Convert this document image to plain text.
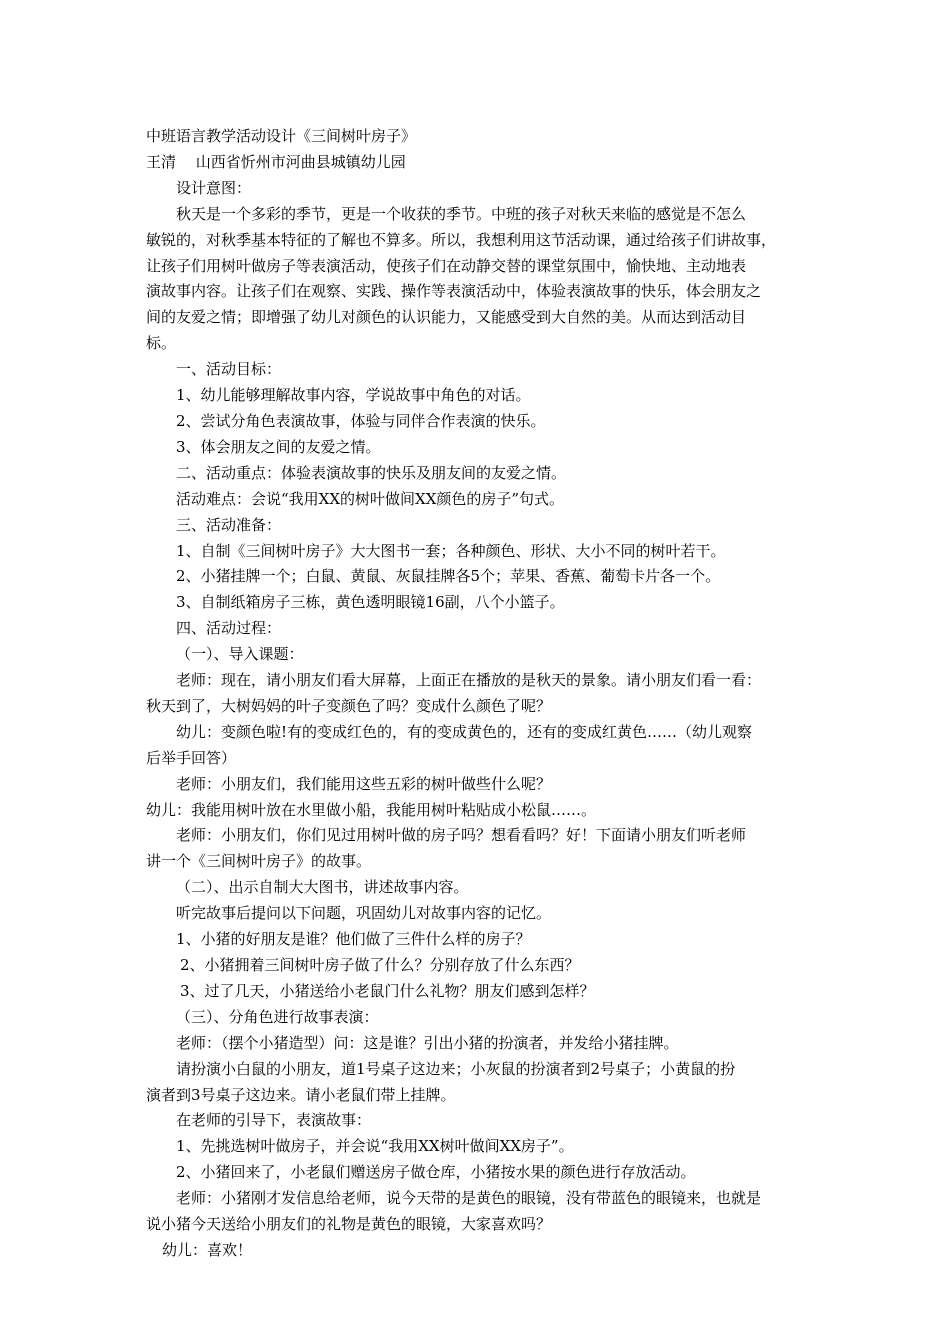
中班语言教学活动设计《三间树叶房子》
王清　 山西省忻州市河曲县城镇幼儿园
设计意图：
秋天是一个多彩的季节，更是一个收获的季节。中班的孩子对秋天来临的感觉是不怎么
敏锐的，对秋季基本特征的了解也不算多。所以，我想利用这节活动课，通过给孩子们讲故事，
让孩子们用树叶做房子等表演活动，使孩子们在动静交替的课堂氛围中，愉快地、主动地表
演故事内容。让孩子们在观察、实践、操作等表演活动中，体验表演故事的快乐，体会朋友之
间的友爱之情；即增强了幼儿对颜色的认识能力，又能感受到大自然的美。从而达到活动目
标。
一、活动目标：
1、幼儿能够理解故事内容，学说故事中角色的对话。
2、尝试分角色表演故事，体验与同伴合作表演的快乐。
3、体会朋友之间的友爱之情。
二、活动重点：体验表演故事的快乐及朋友间的友爱之情。
活动难点：会说“我用XX的树叶做间XX颜色的房子”句式。
三、活动准备：
1、自制《三间树叶房子》大大图书一套；各种颜色、形状、大小不同的树叶若干。
2、小猪挂牌一个；白鼠、黄鼠、灰鼠挂牌各5个；苹果、香蕉、葡萄卡片各一个。
3、自制纸箱房子三栋，黄色透明眼镜16副，八个小篮子。
四、活动过程：
（一）、导入课题：
老师：现在，请小朋友们看大屏幕，上面正在播放的是秋天的景象。请小朋友们看一看：
秋天到了，大树妈妈的叶子变颜色了吗？变成什么颜色了呢？
幼儿：变颜色啦!有的变成红色的，有的变成黄色的，还有的变成红黄色……（幼儿观察
后举手回答）
老师：小朋友们，我们能用这些五彩的树叶做些什么呢？
幼儿：我能用树叶放在水里做小船，我能用树叶粘贴成小松鼠……。
老师：小朋友们，你们见过用树叶做的房子吗？想看看吗？好！下面请小朋友们听老师
讲一个《三间树叶房子》的故事。
（二）、出示自制大大图书，讲述故事内容。
听完故事后提问以下问题，巩固幼儿对故事内容的记忆。
1、小猪的好朋友是谁？他们做了三件什么样的房子？
2、小猪拥着三间树叶房子做了什么？分别存放了什么东西？
3、过了几天，小猪送给小老鼠门什么礼物？朋友们感到怎样？
（三）、分角色进行故事表演：
老师：（摆个小猪造型）问：这是谁？引出小猪的扮演者，并发给小猪挂牌。
请扮演小白鼠的小朋友，道1号桌子这边来；小灰鼠的扮演者到2号桌子；小黄鼠的扮
演者到3号桌子这边来。请小老鼠们带上挂牌。
在老师的引导下，表演故事：
1、先挑选树叶做房子，并会说“我用XX树叶做间XX房子”。
2、小猪回来了，小老鼠们赠送房子做仓库，小猪按水果的颜色进行存放活动。
老师：小猪刚才发信息给老师，说今天带的是黄色的眼镜，没有带蓝色的眼镜来，也就是
说小猪今天送给小朋友们的礼物是黄色的眼镜，大家喜欢吗？
幼儿：喜欢！
